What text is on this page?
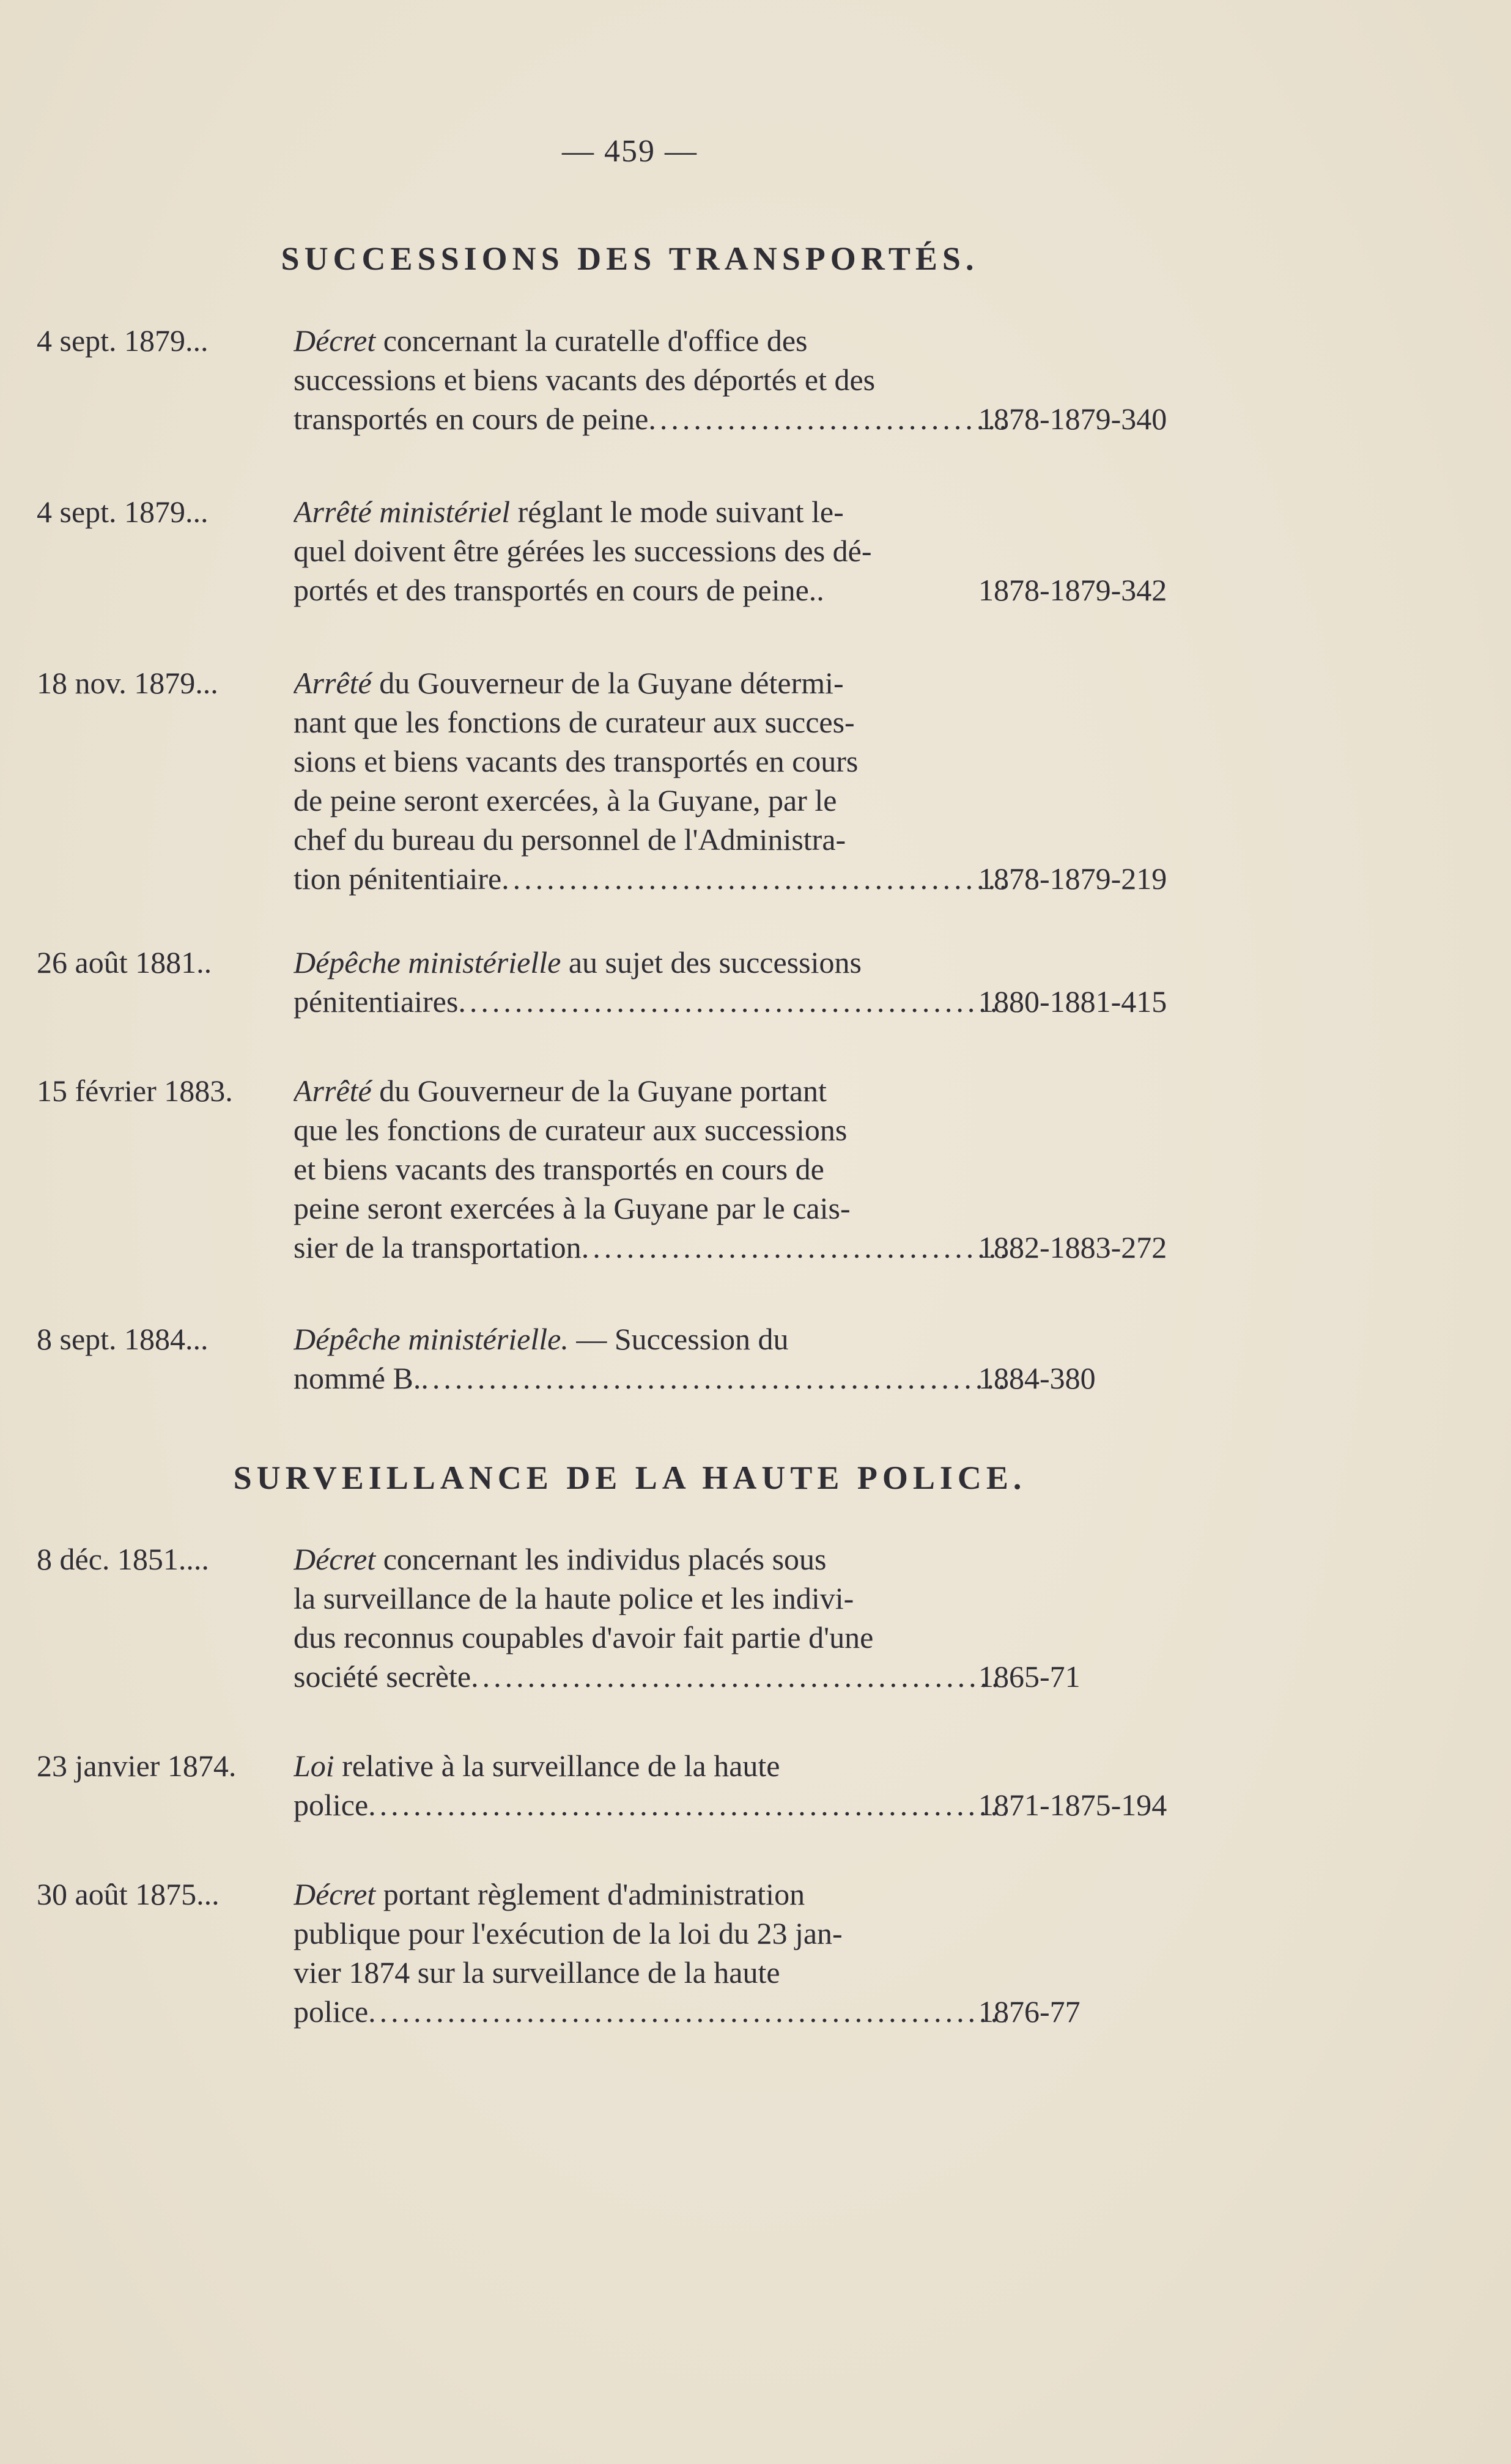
— 459 —
SUCCESSIONS DES TRANSPORTÉS.
4 sept. 1879...	Décret concernant la curatelle d'office des
successions et biens vacants des déportés et des
transportés en cours de peine .....	1878-1879-340
4 sept. 1879...	Arrêté ministériel réglant le mode suivant le-
quel doivent être gérées les successions des dé-
portés et des transportés en cours de peine..	1878-1879-342
18 nov. 1879...	Arrêté du Gouverneur de la Guyane détermi-
nant que les fonctions de curateur aux succes-
sions et biens vacants des transportés en cours
de peine seront exercées, à la Guyane, par le
chef du bureau du personnel de l'Administra-
tion pénitentiaire .....	1878-1879-219
26 août 1881..	Dépêche ministérielle au sujet des successions
pénitentiaires .....	1880-1881-415
15 février 1883.	Arrêté du Gouverneur de la Guyane portant
que les fonctions de curateur aux successions
et biens vacants des transportés en cours de
peine seront exercées à la Guyane par le cais-
sier de la transportation .....	1882-1883-272
8 sept. 1884...	Dépêche ministérielle. — Succession du
nommé B. .....	1884-380
SURVEILLANCE DE LA HAUTE POLICE.
8 déc. 1851....	Décret concernant les individus placés sous
la surveillance de la haute police et les indivi-
dus reconnus coupables d'avoir fait partie d'une
société secrète .....	1865-71
23 janvier 1874.	Loi relative à la surveillance de la haute
police .....	1871-1875-194
30 août 1875...	Décret portant règlement d'administration
publique pour l'exécution de la loi du 23 jan-
vier 1874 sur la surveillance de la haute
police .....	1876-77
